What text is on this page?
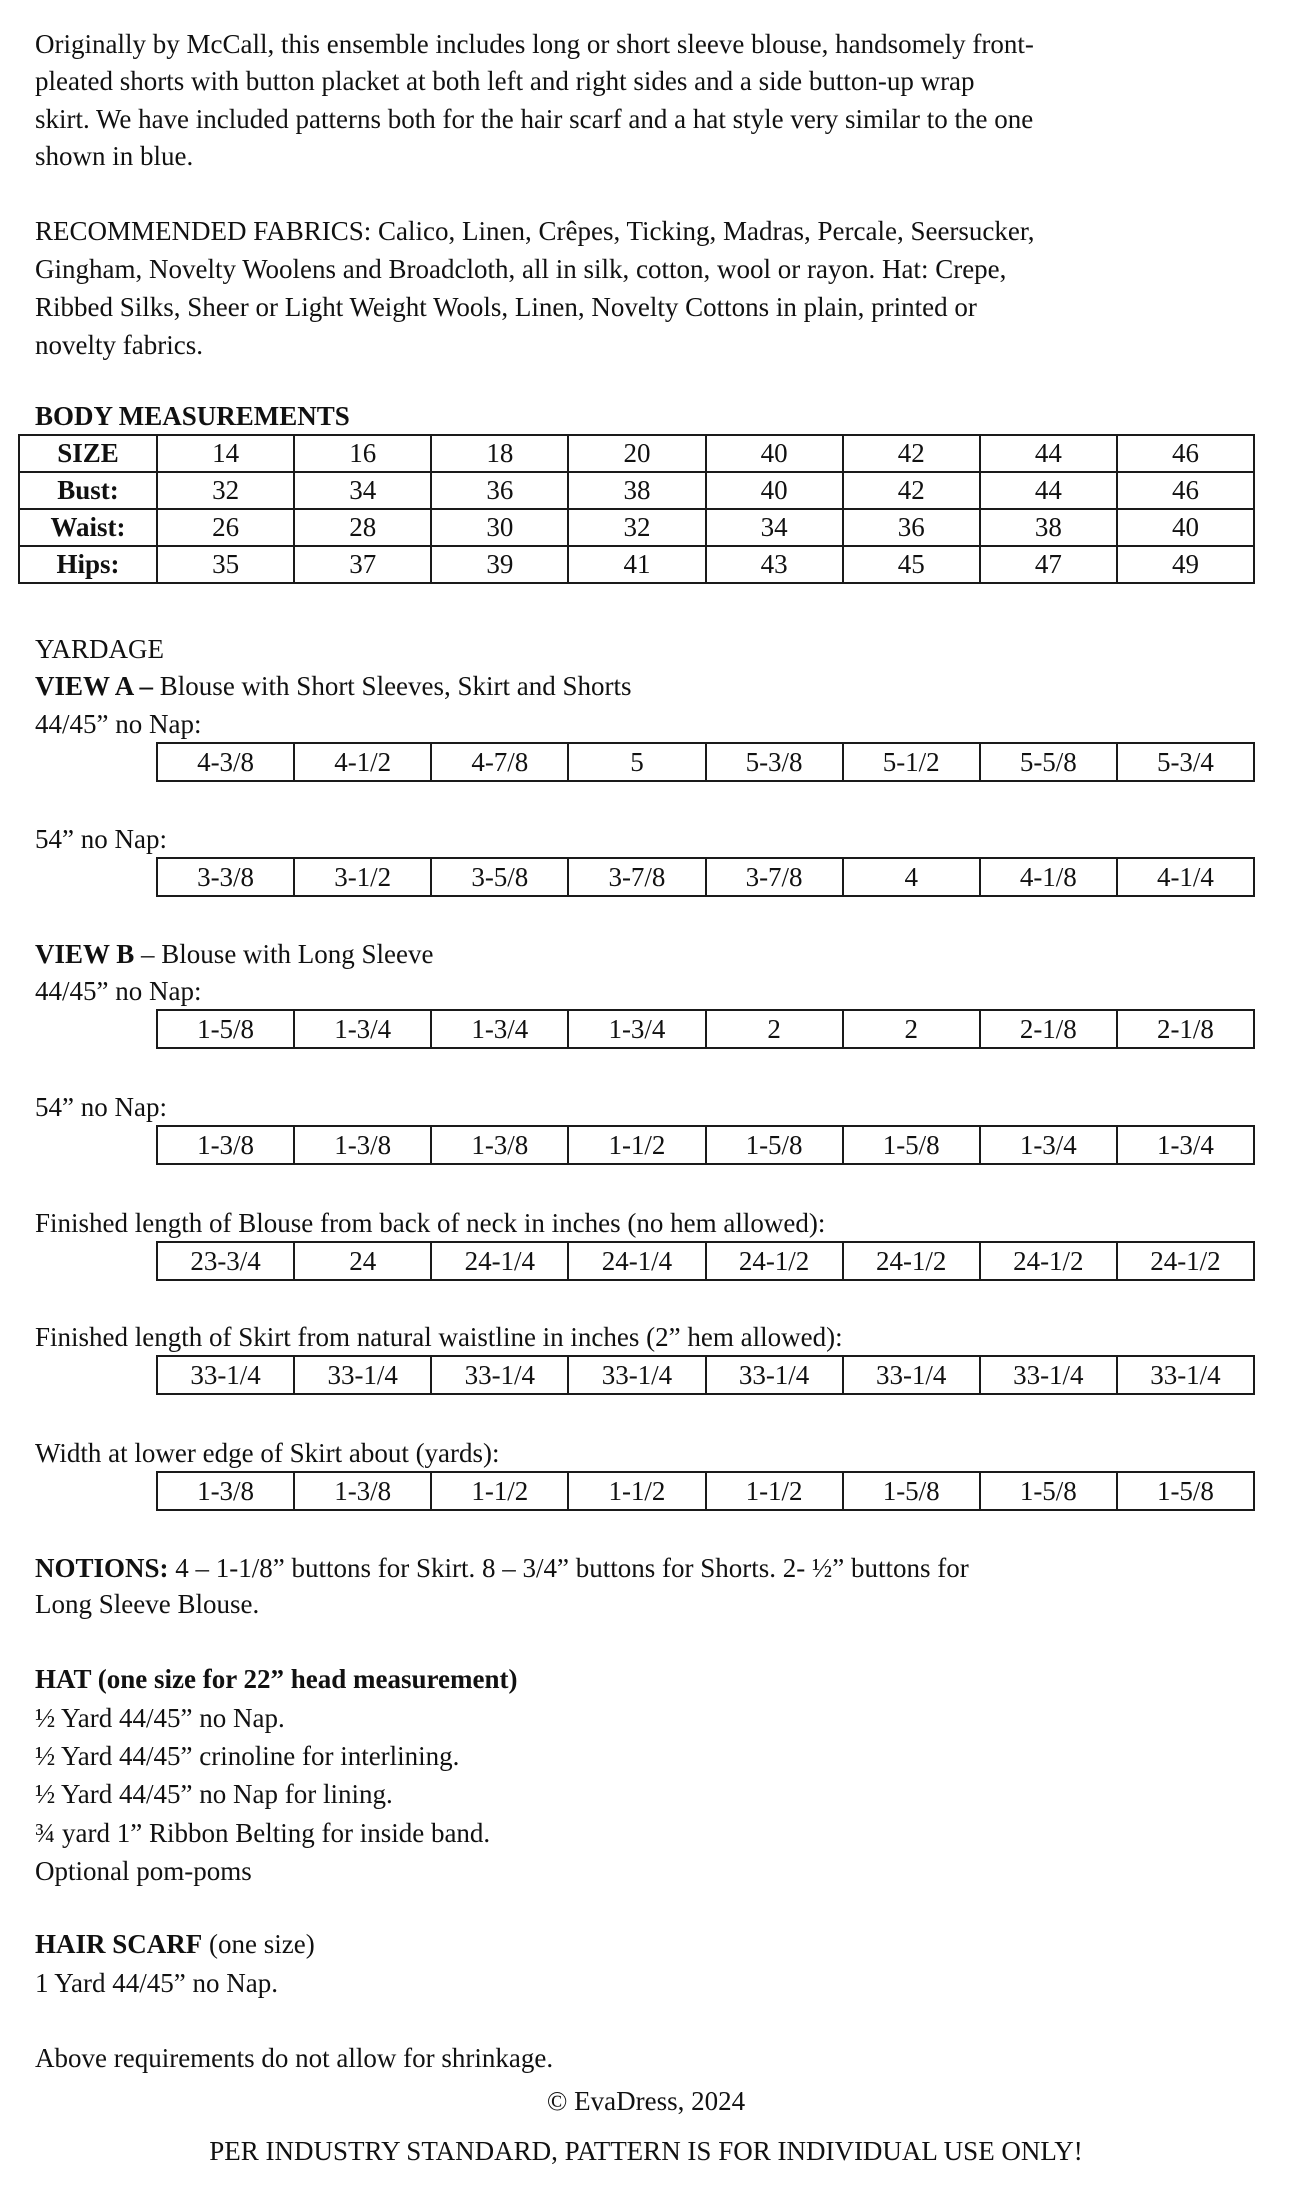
Originally by McCall, this ensemble includes long or short sleeve blouse, handsomely front-
pleated shorts with button placket at both left and right sides and a side button-up wrap
skirt. We have included patterns both for the hair scarf and a hat style very similar to the one
shown in blue.
RECOMMENDED FABRICS: Calico, Linen, Crêpes, Ticking, Madras, Percale, Seersucker,
Gingham, Novelty Woolens and Broadcloth, all in silk, cotton, wool or rayon. Hat: Crepe,
Ribbed Silks, Sheer or Light Weight Wools, Linen, Novelty Cottons in plain, printed or
novelty fabrics.
BODY MEASUREMENTS
SIZE	14	16	18	20	40	42	44	46
Bust:	32	34	36	38	40	42	44	46
Waist:	26	28	30	32	34	36	38	40
Hips:	35	37	39	41	43	45	47	49
YARDAGE
VIEW A – Blouse with Short Sleeves, Skirt and Shorts
44/45” no Nap:
4-3/8	4-1/2	4-7/8	5	5-3/8	5-1/2	5-5/8	5-3/4
54” no Nap:
3-3/8	3-1/2	3-5/8	3-7/8	3-7/8	4	4-1/8	4-1/4
VIEW B – Blouse with Long Sleeve
44/45” no Nap:
1-5/8	1-3/4	1-3/4	1-3/4	2	2	2-1/8	2-1/8
54” no Nap:
1-3/8	1-3/8	1-3/8	1-1/2	1-5/8	1-5/8	1-3/4	1-3/4
Finished length of Blouse from back of neck in inches (no hem allowed):
23-3/4	24	24-1/4	24-1/4	24-1/2	24-1/2	24-1/2	24-1/2
Finished length of Skirt from natural waistline in inches (2” hem allowed):
33-1/4	33-1/4	33-1/4	33-1/4	33-1/4	33-1/4	33-1/4	33-1/4
Width at lower edge of Skirt about (yards):
1-3/8	1-3/8	1-1/2	1-1/2	1-1/2	1-5/8	1-5/8	1-5/8
NOTIONS: 4 – 1-1/8” buttons for Skirt. 8 – 3/4” buttons for Shorts. 2- ½” buttons for
Long Sleeve Blouse.
HAT (one size for 22” head measurement)
½ Yard 44/45” no Nap.
½ Yard 44/45” crinoline for interlining.
½ Yard 44/45” no Nap for lining.
¾ yard 1” Ribbon Belting for inside band.
Optional pom-poms
HAIR SCARF (one size)
1 Yard 44/45” no Nap.
Above requirements do not allow for shrinkage.
© EvaDress, 2024
PER INDUSTRY STANDARD, PATTERN IS FOR INDIVIDUAL USE ONLY!
